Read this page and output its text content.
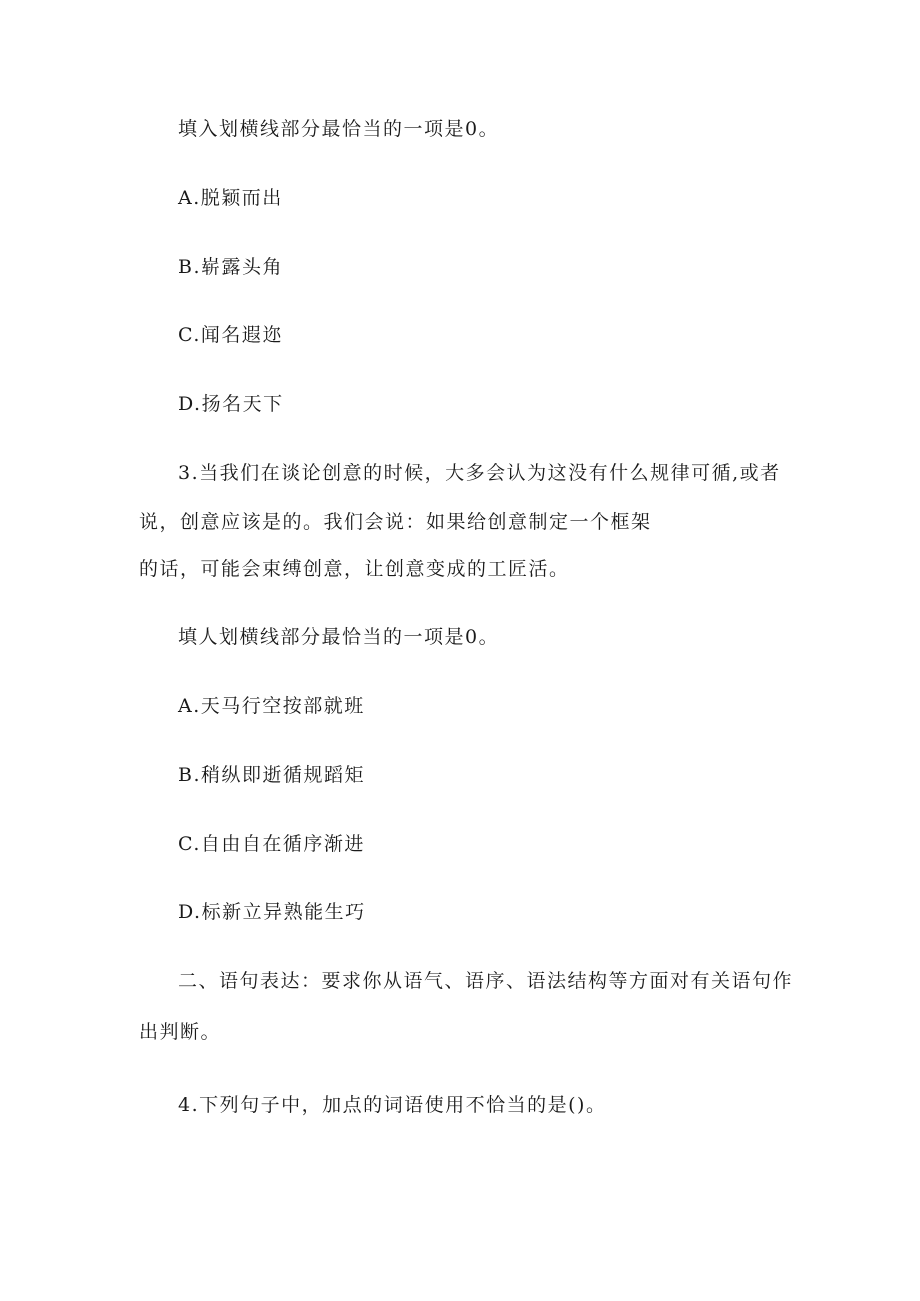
填入划横线部分最恰当的一项是0。
A.脱颖而出
B.崭露头角
C.闻名遐迩
D.扬名天下
3.当我们在谈论创意的时候，大多会认为这没有什么规律可循,或者
说，创意应该是的。我们会说：如果给创意制定一个框架
的话，可能会束缚创意，让创意变成的工匠活。
填人划横线部分最恰当的一项是0。
A.天马行空按部就班
B.稍纵即逝循规蹈矩
C.自由自在循序渐进
D.标新立异熟能生巧
二、语句表达：要求你从语气、语序、语法结构等方面对有关语句作
出判断。
4.下列句子中，加点的词语使用不恰当的是()。
